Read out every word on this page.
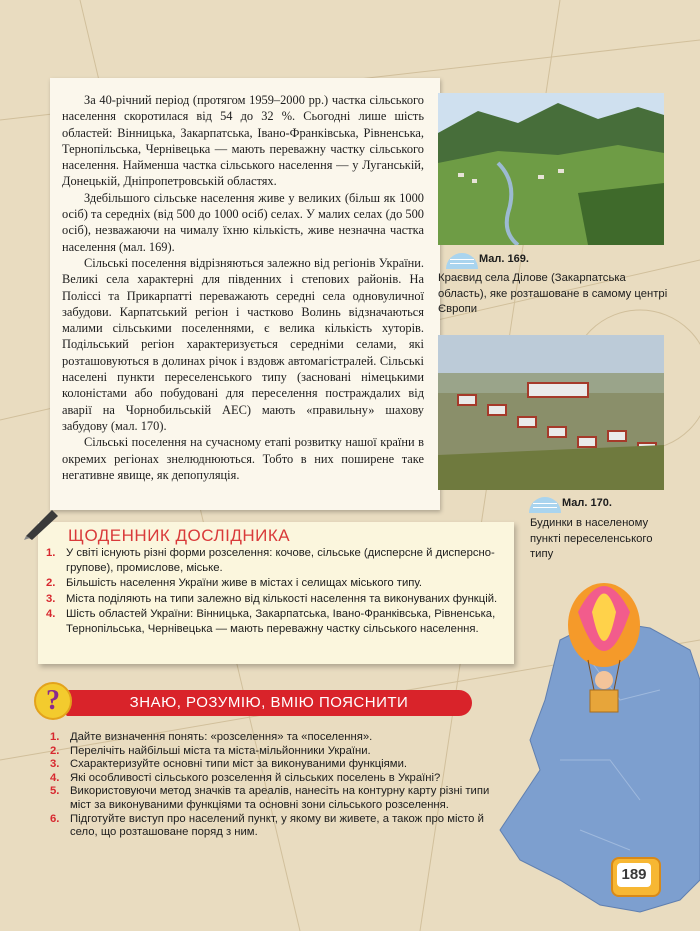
За 40-річний період (протягом 1959–2000 рр.) частка сільського населення скоротилася від 54 до 32 %. Сьогодні лише шість областей: Вінницька, Закарпатська, Івано-Франківська, Рівненська, Тернопільська, Чернівецька — мають переважну частку сільського населення. Найменша частка сільського населення — у Луганській, Донецькій, Дніпропетровській областях.

Здебільшого сільське населення живе у великих (більш як 1000 осіб) та середніх (від 500 до 1000 осіб) селах. У малих селах (до 500 осіб), незважаючи на чималу їхню кількість, живе незначна частка населення (мал. 169).

Сільські поселення відрізняються залежно від регіонів України. Великі села характерні для південних і степових районів. На Поліссі та Прикарпатті переважають середні села одновуличної забудови. Карпатський регіон і частково Волинь відзначаються малими сільськими поселеннями, є велика кількість хуторів. Подільський регіон характеризується середніми селами, які розташовуються в долинах річок і вздовж автомагістралей. Сільські населені пункти переселенського типу (засновані німецькими колоністами або побудовані для переселення постраждалих від аварії на Чорнобильській АЕС) мають «правильну» шахову забудову (мал. 170).

Сільські поселення на сучасному етапі розвитку нашої країни в окремих регіонах знелюднюються. Тобто в них поширене таке негативне явище, як депопуляція.

Мал. 169.
Краєвид села Ділове (Закарпатська область), яке розташоване в самому центрі Європи
Мал. 170.
Будинки в населеному пункті переселенського типу
ЩОДЕННИК ДОСЛІДНИКА
1. У світі існують різні форми розселення: кочове, сільське (дисперсне й дисперсно-групове), промислове, міське.
2. Більшість населення України живе в містах і селищах міського типу.
3. Міста поділяють на типи залежно від кількості населення та виконуваних функцій.
4. Шість областей України: Вінницька, Закарпатська, Івано-Франківська, Рівненська, Тернопільська, Чернівецька — мають переважну частку сільського населення.
ЗНАЮ, РОЗУМІЮ, ВМІЮ ПОЯСНИТИ
?
1. Дайте визначення понять: «розселення» та «поселення».
2. Перелічіть найбільші міста та міста-мільйонники України.
3. Схарактеризуйте основні типи міст за виконуваними функціями.
4. Які особливості сільського розселення й сільських поселень в Україні?
5. Використовуючи метод значків та ареалів, нанесіть на контурну карту різні типи міст за виконуваними функціями та основні зони сільського розселення.
6. Підготуйте виступ про населений пункт, у якому ви живете, а також про місто й село, що розташоване поряд з ним.
189
